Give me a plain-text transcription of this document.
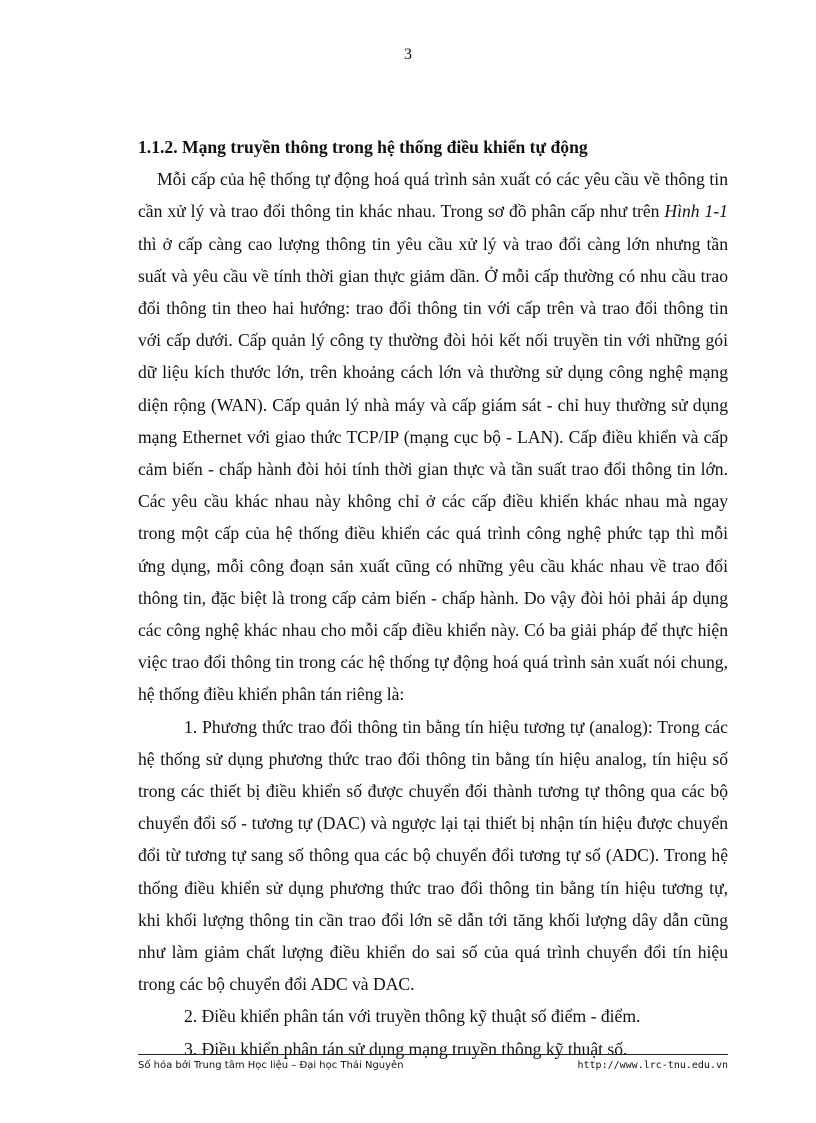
3

1.1.2. Mạng truyền thông trong hệ thống điều khiển tự động

Mỗi cấp của hệ thống tự động hoá quá trình sản xuất có các yêu cầu về thông tin cần xử lý và trao đổi thông tin khác nhau. Trong sơ đồ phân cấp như trên Hình 1-1 thì ở cấp càng cao lượng thông tin yêu cầu xử lý và trao đổi càng lớn nhưng tần suất và yêu cầu về tính thời gian thực giảm dần. Ở mỗi cấp thường có nhu cầu trao đổi thông tin theo hai hướng: trao đổi thông tin với cấp trên và trao đổi thông tin với cấp dưới. Cấp quản lý công ty thường đòi hỏi kết nối truyền tin với những gói dữ liệu kích thước lớn, trên khoảng cách lớn và thường sử dụng công nghệ mạng diện rộng (WAN). Cấp quản lý nhà máy và cấp giám sát - chỉ huy thường sử dụng mạng Ethernet với giao thức TCP/IP (mạng cục bộ - LAN). Cấp điều khiển và cấp cảm biến - chấp hành đòi hỏi tính thời gian thực và tần suất trao đổi thông tin lớn. Các yêu cầu khác nhau này không chỉ ở các cấp điều khiển khác nhau mà ngay trong một cấp của hệ thống điều khiển các quá trình công nghệ phức tạp thì mỗi ứng dụng, mỗi công đoạn sản xuất cũng có những yêu cầu khác nhau về trao đổi thông tin, đặc biệt là trong cấp cảm biến - chấp hành. Do vậy đòi hỏi phải áp dụng các công nghệ khác nhau cho mỗi cấp điều khiển này. Có ba giải pháp để thực hiện việc trao đổi thông tin trong các hệ thống tự động hoá quá trình sản xuất nói chung, hệ thống điều khiển phân tán riêng là:

1. Phương thức trao đổi thông tin bằng tín hiệu tương tự (analog): Trong các hệ thống sử dụng phương thức trao đổi thông tin bằng tín hiệu analog, tín hiệu số trong các thiết bị điều khiển số được chuyển đổi thành tương tự thông qua các bộ chuyển đổi số - tương tự (DAC) và ngược lại tại thiết bị nhận tín hiệu được chuyển đổi từ tương tự sang số thông qua các bộ chuyển đổi tương tự số (ADC). Trong hệ thống điều khiển sử dụng phương thức trao đổi thông tin bằng tín hiệu tương tự, khi khối lượng thông tin cần trao đổi lớn sẽ dẫn tới tăng khối lượng dây dẫn cũng như làm giảm chất lượng điều khiển do sai số của quá trình chuyển đổi tín hiệu trong các bộ chuyển đổi ADC và DAC.

2. Điều khiển phân tán với truyền thông kỹ thuật số điểm - điểm.

3. Điều khiển phân tán sử dụng mạng truyền thông kỹ thuật số.

Số hóa bởi Trung tâm Học liệu – Đại học Thái Nguyên	http://www.lrc-tnu.edu.vn
